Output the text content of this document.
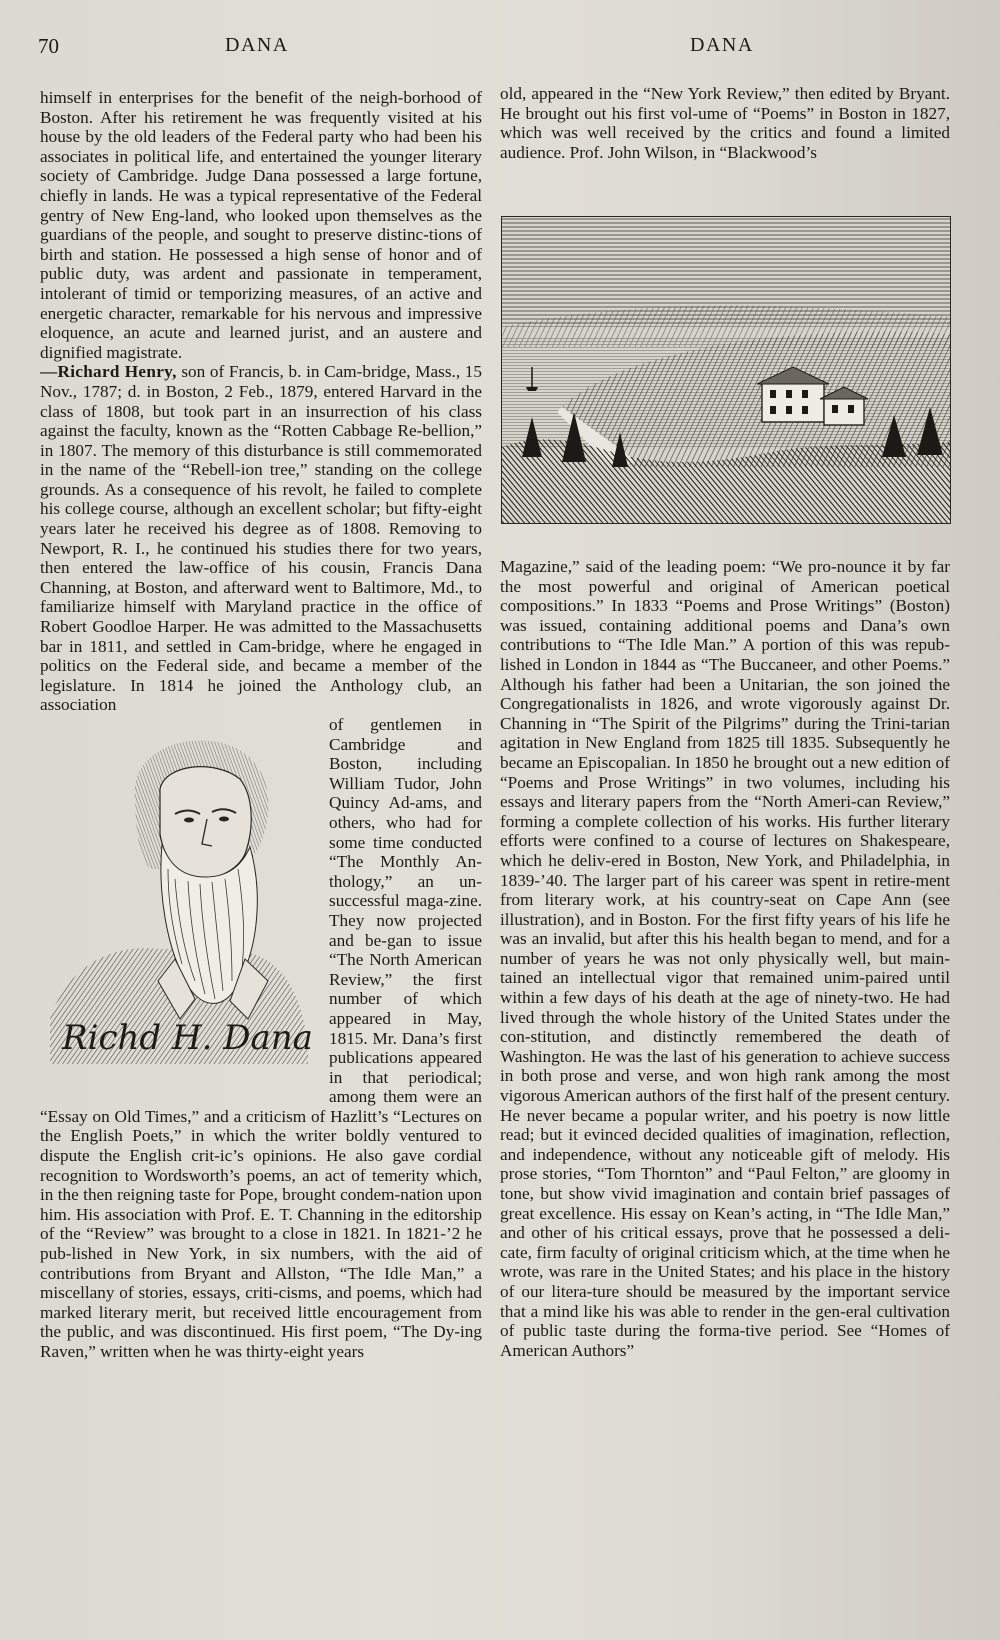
70	DANA	DANA

himself in enterprises for the benefit of the neigh-borhood of Boston. After his retirement he was frequently visited at his house by the old leaders of the Federal party who had been his associates in political life, and entertained the younger literary society of Cambridge. Judge Dana possessed a large fortune, chiefly in lands. He was a typical representative of the Federal gentry of New Eng-land, who looked upon themselves as the guardians of the people, and sought to preserve distinc-tions of birth and station. He possessed a high sense of honor and of public duty, was ardent and passionate in temperament, intolerant of timid or temporizing measures, of an active and energetic character, remarkable for his nervous and impressive eloquence, an acute and learned jurist, and an austere and dignified magistrate.

—Richard Henry, son of Francis, b. in Cam-bridge, Mass., 15 Nov., 1787; d. in Boston, 2 Feb., 1879, entered Harvard in the class of 1808, but took part in an insurrection of his class against the faculty, known as the “Rotten Cabbage Re-bellion,” in 1807. The memory of this disturbance is still commemorated in the name of the “Rebell-ion tree,” standing on the college grounds. As a consequence of his revolt, he failed to complete his college course, although an excellent scholar; but fifty-eight years later he received his degree as of 1808. Removing to Newport, R. I., he continued his studies there for two years, then entered the law-office of his cousin, Francis Dana Channing, at Boston, and afterward went to Baltimore, Md., to familiarize himself with Maryland practice in the office of Robert Goodloe Harper. He was admitted to the Massachusetts bar in 1811, and settled in Cam-bridge, where he engaged in politics on the Federal side, and became a member of the legislature. In 1814 he joined the Anthology club, an association

Richd H. Dana
of gentlemen in Cambridge and Boston, including William Tudor, John Quincy Ad-ams, and others, who had for some time conducted “The Monthly An-thology,” an un-successful maga-zine. They now projected and be-gan to issue “The North American Review,” the first number of which appeared in May, 1815. Mr. Dana’s first publications appeared in that periodical; among them were an “Essay on Old Times,” and a criticism of Hazlitt’s “Lectures on the English Poets,” in which the writer boldly ventured to dispute the English crit-ic’s opinions. He also gave cordial recognition to Wordsworth’s poems, an act of temerity which, in the then reigning taste for Pope, brought condem-nation upon him. His association with Prof. E. T. Channing in the editorship of the “Review” was brought to a close in 1821. In 1821-’2 he pub-lished in New York, in six numbers, with the aid of contributions from Bryant and Allston, “The Idle Man,” a miscellany of stories, essays, criti-cisms, and poems, which had marked literary merit, but received little encouragement from the public, and was discontinued. His first poem, “The Dy-ing Raven,” written when he was thirty-eight years

old, appeared in the “New York Review,” then edited by Bryant. He brought out his first vol-ume of “Poems” in Boston in 1827, which was well received by the critics and found a limited audience. Prof. John Wilson, in “Blackwood’s

Magazine,” said of the leading poem: “We pro-nounce it by far the most powerful and original of American poetical compositions.” In 1833 “Poems and Prose Writings” (Boston) was issued, containing additional poems and Dana’s own contributions to “The Idle Man.” A portion of this was repub-lished in London in 1844 as “The Buccaneer, and other Poems.” Although his father had been a Unitarian, the son joined the Congregationalists in 1826, and wrote vigorously against Dr. Channing in “The Spirit of the Pilgrims” during the Trini-tarian agitation in New England from 1825 till 1835. Subsequently he became an Episcopalian. In 1850 he brought out a new edition of “Poems and Prose Writings” in two volumes, including his essays and literary papers from the “North Ameri-can Review,” forming a complete collection of his works. His further literary efforts were confined to a course of lectures on Shakespeare, which he deliv-ered in Boston, New York, and Philadelphia, in 1839-’40. The larger part of his career was spent in retire-ment from literary work, at his country-seat on Cape Ann (see illustration), and in Boston. For the first fifty years of his life he was an invalid, but after this his health began to mend, and for a number of years he was not only physically well, but main-tained an intellectual vigor that remained unim-paired until within a few days of his death at the age of ninety-two. He had lived through the whole history of the United States under the con-stitution, and distinctly remembered the death of Washington. He was the last of his generation to achieve success in both prose and verse, and won high rank among the most vigorous American authors of the first half of the present century. He never became a popular writer, and his poetry is now little read; but it evinced decided qualities of imagination, reflection, and independence, without any noticeable gift of melody. His prose stories, “Tom Thornton” and “Paul Felton,” are gloomy in tone, but show vivid imagination and contain brief passages of great excellence. His essay on Kean’s acting, in “The Idle Man,” and other of his critical essays, prove that he possessed a deli-cate, firm faculty of original criticism which, at the time when he wrote, was rare in the United States; and his place in the history of our litera-ture should be measured by the important service that a mind like his was able to render in the gen-eral cultivation of public taste during the forma-tive period. See “Homes of American Authors”
